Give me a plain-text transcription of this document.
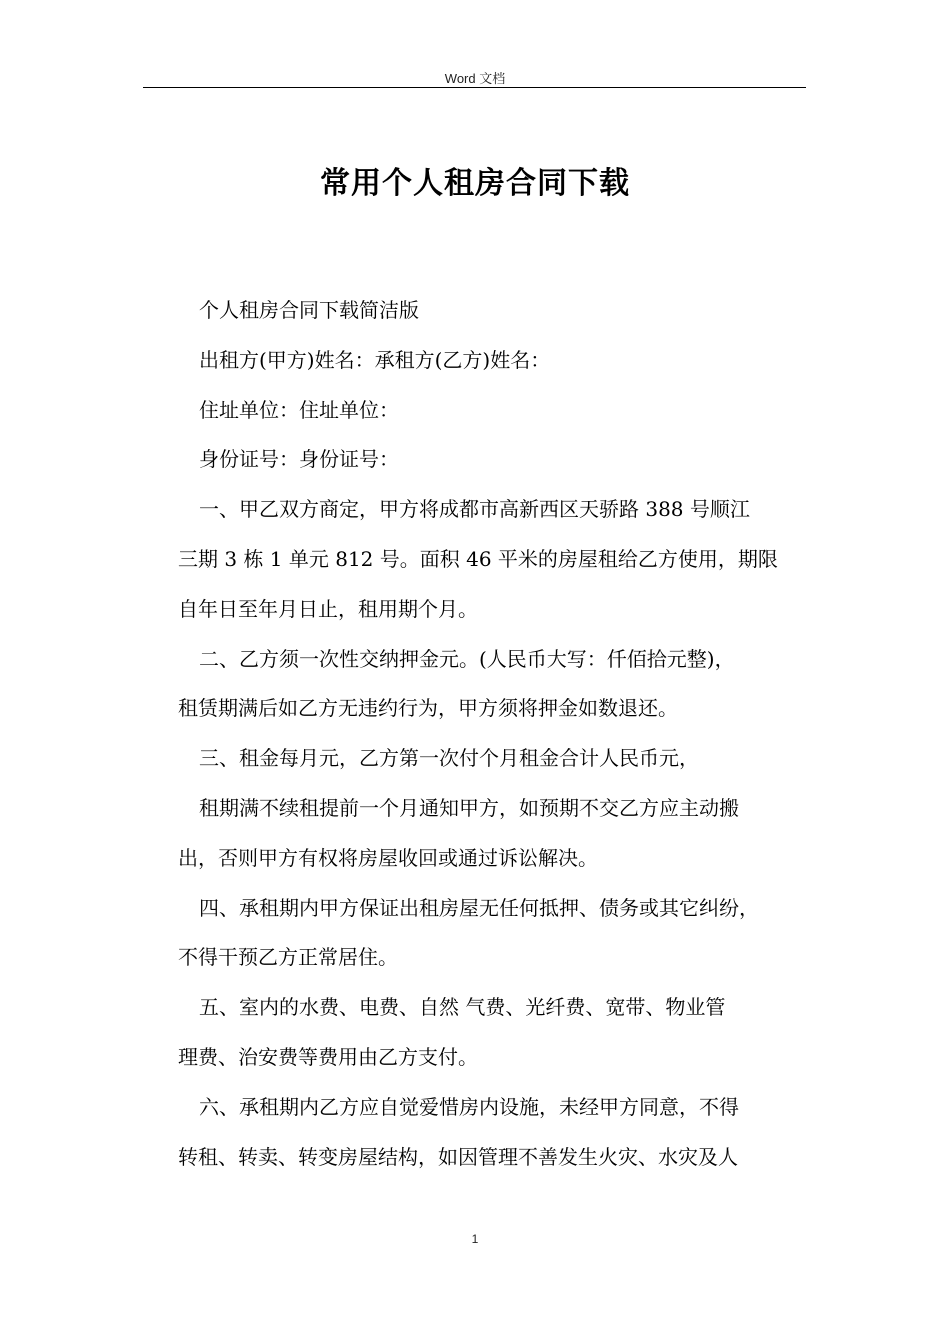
Word 文档
常用个人租房合同下载
个人租房合同下载简洁版
出租方(甲方)姓名：承租方(乙方)姓名：
住址单位：住址单位：
身份证号：身份证号：
一、甲乙双方商定，甲方将成都市高新西区天骄路 388 号顺江
三期 3 栋 1 单元 812 号。面积 46 平米的房屋租给乙方使用，期限
自年日至年月日止，租用期个月。
二、乙方须一次性交纳押金元。(人民币大写：仟佰拾元整)，
租赁期满后如乙方无违约行为，甲方须将押金如数退还。
三、租金每月元，乙方第一次付个月租金合计人民币元，
租期满不续租提前一个月通知甲方，如预期不交乙方应主动搬
出，否则甲方有权将房屋收回或通过诉讼解决。
四、承租期内甲方保证出租房屋无任何抵押、债务或其它纠纷，
不得干预乙方正常居住。
五、室内的水费、电费、自然 气费、光纤费、宽带、物业管
理费、治安费等费用由乙方支付。
六、承租期内乙方应自觉爱惜房内设施，未经甲方同意，不得
转租、转卖、转变房屋结构，如因管理不善发生火灾、水灾及人
1
